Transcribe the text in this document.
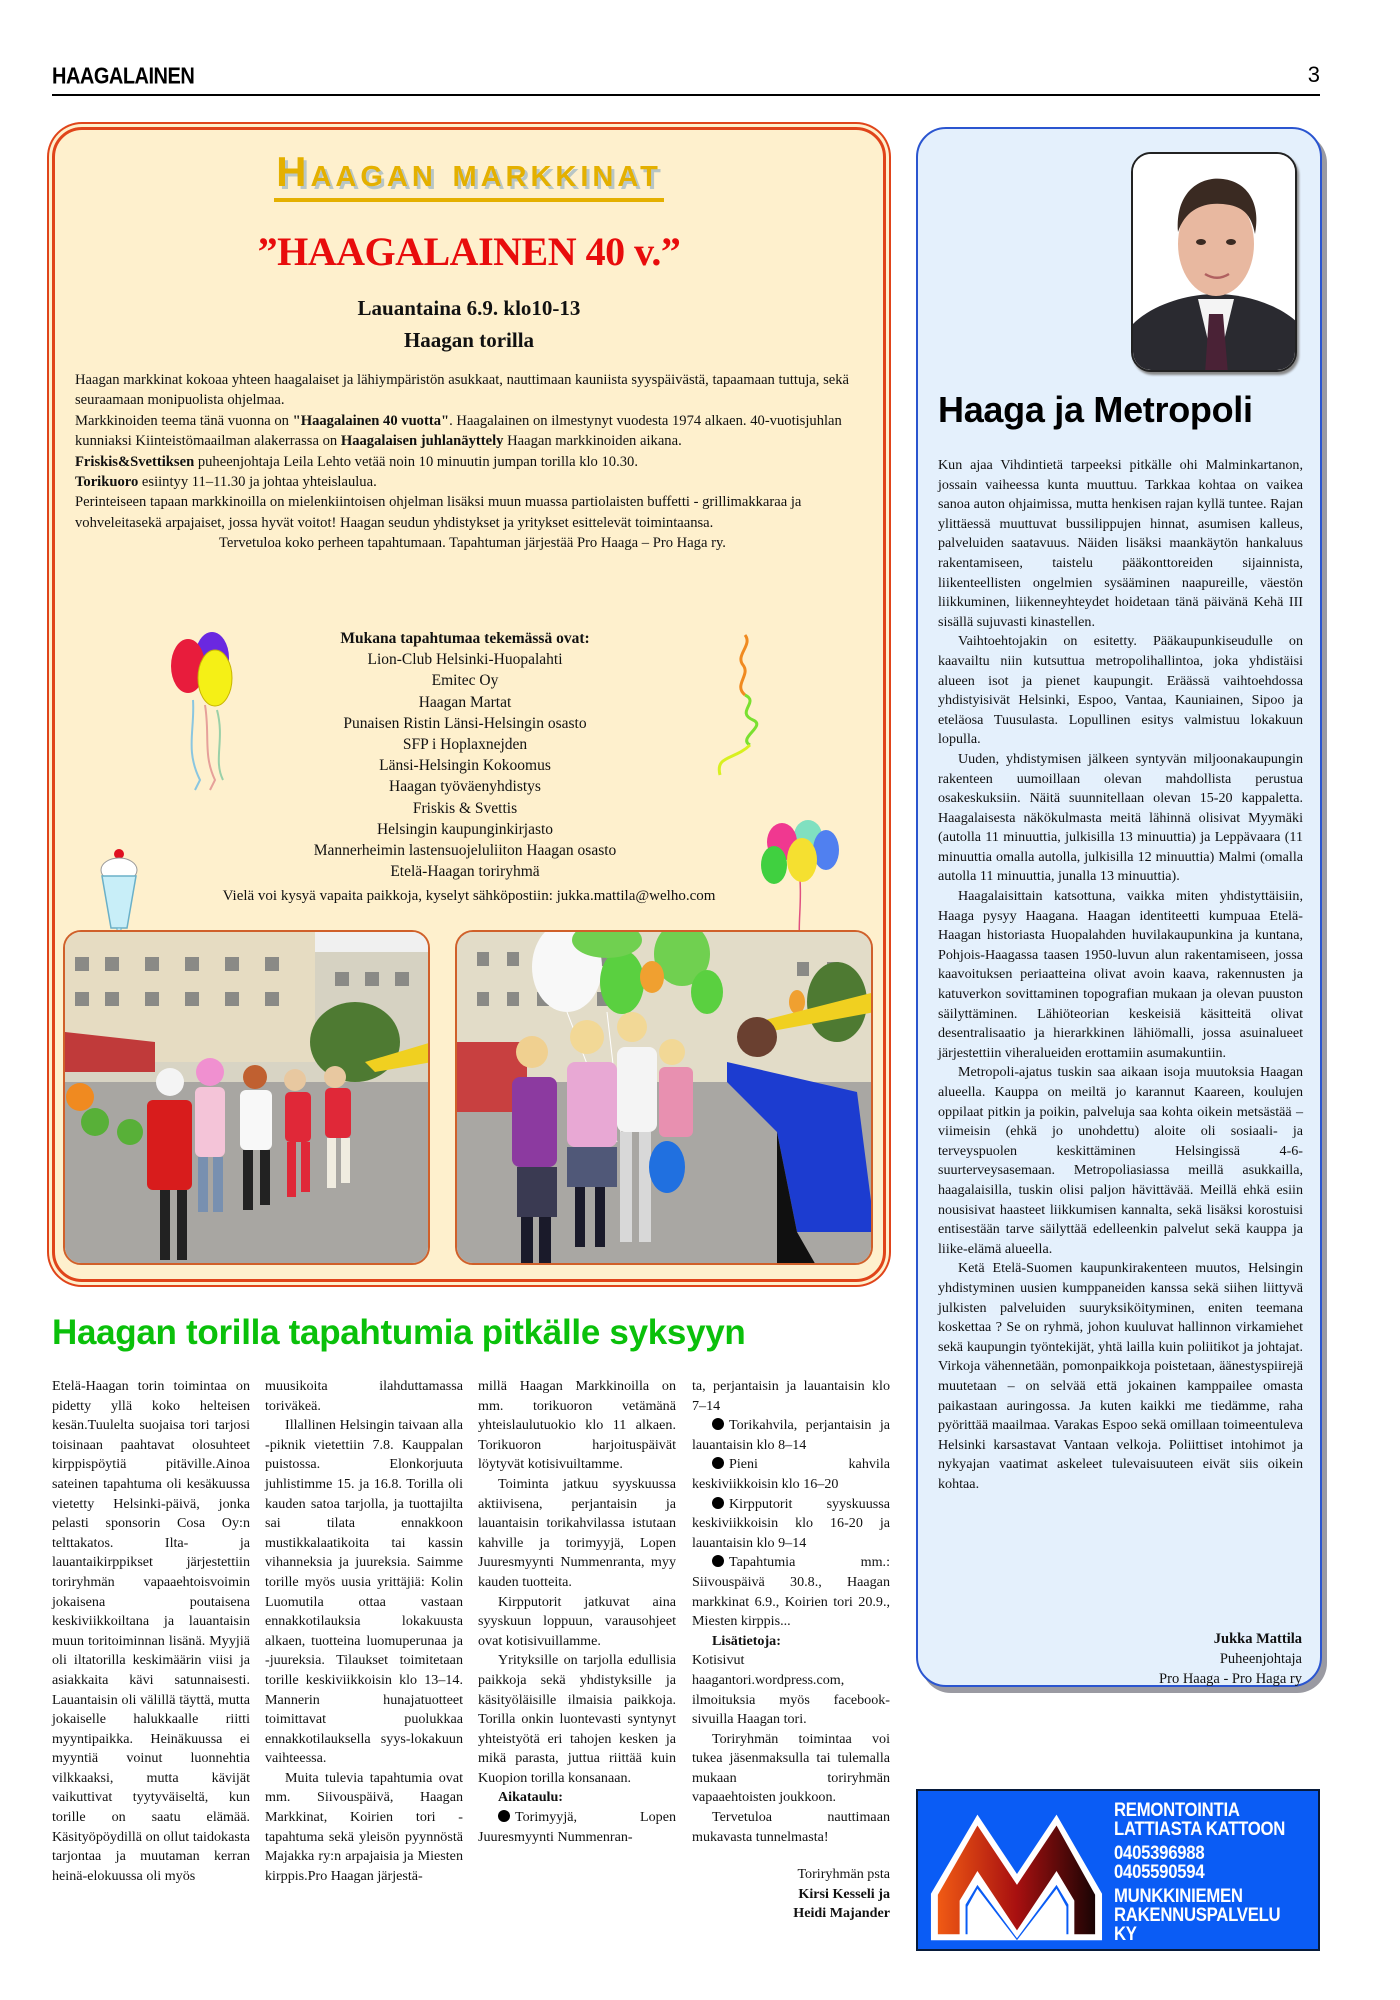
HAAGALAINEN	3
Haagan markkinat
”HAAGALAINEN 40 v.”
Lauantaina 6.9. klo10-13
Haagan torilla

Haagan markkinat kokoaa yhteen haagalaiset ja lähiympäristön asukkaat, nauttimaan kauniista syyspäivästä, tapaamaan tuttuja, sekä seuraamaan monipuolista ohjelmaa.

Markkinoiden teema tänä vuonna on "Haagalainen 40 vuotta". Haagalainen on ilmestynyt vuodesta 1974 alkaen. 40-vuotisjuhlan kunniaksi Kiinteistömaailman alakerrassa on Haagalaisen juhlanäyttely Haagan markkinoiden aikana.

Friskis&Svettiksen puheenjohtaja Leila Lehto vetää noin 10 minuutin jumpan torilla klo 10.30.

Torikuoro esiintyy 11–11.30 ja johtaa yhteislaulua.

Perinteiseen tapaan markkinoilla on mielenkiintoisen ohjelman lisäksi muun muassa partiolaisten buffetti - grillimakkaraa ja vohveleitasekä arpajaiset, jossa hyvät voitot! Haagan seudun yhdistykset ja yritykset esittelevät toimintaansa.

Tervetuloa koko perheen tapahtumaan. Tapahtuman järjestää Pro Haaga – Pro Haga ry.

Mukana tapahtumaa tekemässä ovat:
Lion-Club Helsinki-Huopalahti
Emitec Oy
Haagan Martat
Punaisen Ristin Länsi-Helsingin osasto
SFP i Hoplaxnejden
Länsi-Helsingin Kokoomus
Haagan työväenyhdistys
Friskis & Svettis
Helsingin kaupunginkirjasto
Mannerheimin lastensuojeluliiton Haagan osasto
Etelä-Haagan toriryhmä
Vielä voi kysyä vapaita paikkoja, kyselyt sähköpostiin: jukka.mattila@welho.com
Haagan torilla tapahtumia pitkälle syksyyn

Etelä-Haagan torin toimintaa on pidetty yllä koko helteisen kesän.Tuulelta suojaisa tori tarjosi toisinaan paahtavat olosuhteet kirppispöytiä pitäville.Ainoa sateinen tapahtuma oli kesäkuussa vietetty Helsinki-päivä, jonka pelasti sponsorin Cosa Oy:n telttakatos. Ilta- ja lauantaikirppikset järjestettiin toriryhmän vapaaehtoisvoimin jokaisena poutaisena keskiviikkoiltana ja lauantaisin muun toritoiminnan lisänä. Myyjiä oli iltatorilla keskimäärin viisi ja asiakkaita kävi satunnaisesti. Lauantaisin oli välillä täyttä, mutta jokaiselle halukkaalle riitti myyntipaikka. Heinäkuussa ei myyntiä voinut luonnehtia vilkkaaksi, mutta kävijät vaikuttivat tyytyväiseltä, kun torille on saatu elämää. Käsityöpöydillä on ollut taidokasta tarjontaa ja muutaman kerran heinä-elokuussa oli myös

muusikoita ilahduttamassa toriväkeä.

Illallinen Helsingin taivaan alla -piknik vietettiin 7.8. Kauppalan puistossa. Elonkorjuuta juhlistimme 15. ja 16.8. Torilla oli kauden satoa tarjolla, ja tuottajilta sai tilata ennakkoon mustikkalaatikoita tai kassin vihanneksia ja juureksia. Saimme torille myös uusia yrittäjiä: Kolin Luomutila ottaa vastaan ennakkotilauksia lokakuusta alkaen, tuotteina luomuperunaa ja -juureksia. Tilaukset toimitetaan torille keskiviikkoisin klo 13–14. Mannerin hunajatuotteet toimittavat puolukkaa ennakkotilauksella syys-lokakuun vaihteessa.

Muita tulevia tapahtumia ovat mm. Siivouspäivä, Haagan Markkinat, Koirien tori -tapahtuma sekä yleisön pyynnöstä Majakka ry:n arpajaisia ja Miesten kirppis.Pro Haagan järjestä-

millä Haagan Markkinoilla on mm. torikuoron vetämänä yhteislaulutuokio klo 11 alkaen. Torikuoron harjoituspäivät löytyvät kotisivuiltamme.

Toiminta jatkuu syyskuussa aktiivisena, perjantaisin ja lauantaisin torikahvilassa istutaan kahville ja torimyyjä, Lopen Juuresmyynti Nummenranta, myy kauden tuotteita.

Kirpputorit jatkuvat aina syyskuun loppuun, varausohjeet ovat kotisivuillamme.

Yrityksille on tarjolla edullisia paikkoja sekä yhdistyksille ja käsityöläisille ilmaisia paikkoja. Torilla onkin luontevasti syntynyt yhteistyötä eri tahojen kesken ja mikä parasta, juttua riittää kuin Kuopion torilla konsanaan.

Aikataulu:

Torimyyjä, Lopen Juuresmyynti Nummenran-

ta, perjantaisin ja lauantaisin klo 7–14

Torikahvila, perjantaisin ja lauantaisin klo 8–14

Pieni kahvila keskiviikkoisin klo 16–20

Kirpputorit syyskuussa keskiviikkoisin klo 16-20 ja lauantaisin klo 9–14

Tapahtumia mm.: Siivouspäivä 30.8., Haagan markkinat 6.9., Koirien tori 20.9., Miesten kirppis...

Lisätietoja:

Kotisivut haagantori.wordpress.com, ilmoituksia myös facebook-sivuilla Haagan tori.

Toriryhmän toimintaa voi tukea jäsenmaksulla tai tulemalla mukaan toriryhmän vapaaehtoisten joukkoon.

Tervetuloa nauttimaan mukavasta tunnelmasta!

Toriryhmän psta

Kirsi Kesseli ja

Heidi Majander

Haaga ja Metropoli

Kun ajaa Vihdintietä tarpeeksi pitkälle ohi Malminkartanon, jossain vaiheessa kunta muuttuu. Tarkkaa kohtaa on vaikea sanoa auton ohjaimissa, mutta henkisen rajan kyllä tuntee. Rajan ylittäessä muuttuvat bussilippujen hinnat, asumisen kalleus, palveluiden saatavuus. Näiden lisäksi maankäytön hankaluus rakentamiseen, taistelu pääkonttoreiden sijainnista, liikenteellisten ongelmien sysääminen naapureille, väestön liikkuminen, liikenneyhteydet hoidetaan tänä päivänä Kehä III sisällä sujuvasti kinastellen.

Vaihtoehtojakin on esitetty. Pääkaupunkiseudulle on kaavailtu niin kutsuttua metropolihallintoa, joka yhdistäisi alueen isot ja pienet kaupungit. Eräässä vaihtoehdossa yhdistyisivät Helsinki, Espoo, Vantaa, Kauniainen, Sipoo ja eteläosa Tuusulasta. Lopullinen esitys valmistuu lokakuun lopulla.

Uuden, yhdistymisen jälkeen syntyvän miljoonakaupungin rakenteen uumoillaan olevan mahdollista perustua osakeskuksiin. Näitä suunnitellaan olevan 15-20 kappaletta. Haagalaisesta näkökulmasta meitä lähinnä olisivat Myymäki (autolla 11 minuuttia, julkisilla 13 minuuttia) ja Leppävaara (11 minuuttia omalla autolla, julkisilla 12 minuuttia) Malmi (omalla autolla 11 minuuttia, junalla 13 minuuttia).

Haagalaisittain katsottuna, vaikka miten yhdistyttäisiin, Haaga pysyy Haagana. Haagan identiteetti kumpuaa Etelä-Haagan historiasta Huopalahden huvilakaupunkina ja kuntana, Pohjois-Haagassa taasen 1950-luvun alun rakentamiseen, jossa kaavoituksen periaatteina olivat avoin kaava, rakennusten ja katuverkon sovittaminen topografian mukaan ja olevan puuston säilyttäminen. Lähiöteorian keskeisiä käsitteitä olivat desentralisaatio ja hierarkkinen lähiömalli, jossa asuinalueet järjestettiin viheralueiden erottamiin asumakuntiin.

Metropoli-ajatus tuskin saa aikaan isoja muutoksia Haagan alueella. Kauppa on meiltä jo karannut Kaareen, koulujen oppilaat pitkin ja poikin, palveluja saa kohta oikein metsästää – viimeisin (ehkä jo unohdettu) aloite oli sosiaali- ja terveyspuolen keskittäminen Helsingissä 4-6- suurterveysasemaan. Metropoliasiassa meillä asukkailla, haagalaisilla, tuskin olisi paljon hävittävää. Meillä ehkä esiin nousisivat haasteet liikkumisen kannalta, sekä lisäksi korostuisi entisestään tarve säilyttää edelleenkin palvelut sekä kauppa ja liike-elämä alueella.

Ketä Etelä-Suomen kaupunkirakenteen muutos, Helsingin yhdistyminen uusien kumppaneiden kanssa sekä siihen liittyvä julkisten palveluiden suuryksiköityminen, eniten teemana koskettaa ? Se on ryhmä, johon kuuluvat hallinnon virkamiehet sekä kaupungin työntekijät, yhtä lailla kuin poliitikot ja johtajat. Virkoja vähennetään, pomonpaikkoja poistetaan, äänestyspiirejä muutetaan – on selvää että jokainen kamppailee omasta paikastaan auringossa. Ja kuten kaikki me tiedämme, raha pyörittää maailmaa. Varakas Espoo sekä omillaan toimeentuleva Helsinki karsastavat Vantaan velkoja. Poliittiset intohimot ja nykyajan vaatimat askeleet tulevaisuuteen eivät siis oikein kohtaa.

Jukka Mattila
Puheenjohtaja
Pro Haaga - Pro Haga ry
REMONTOINTIA
LATTIASTA KATTOON
0405396988
0405590594
MUNKKINIEMEN
RAKENNUSPALVELU KY
